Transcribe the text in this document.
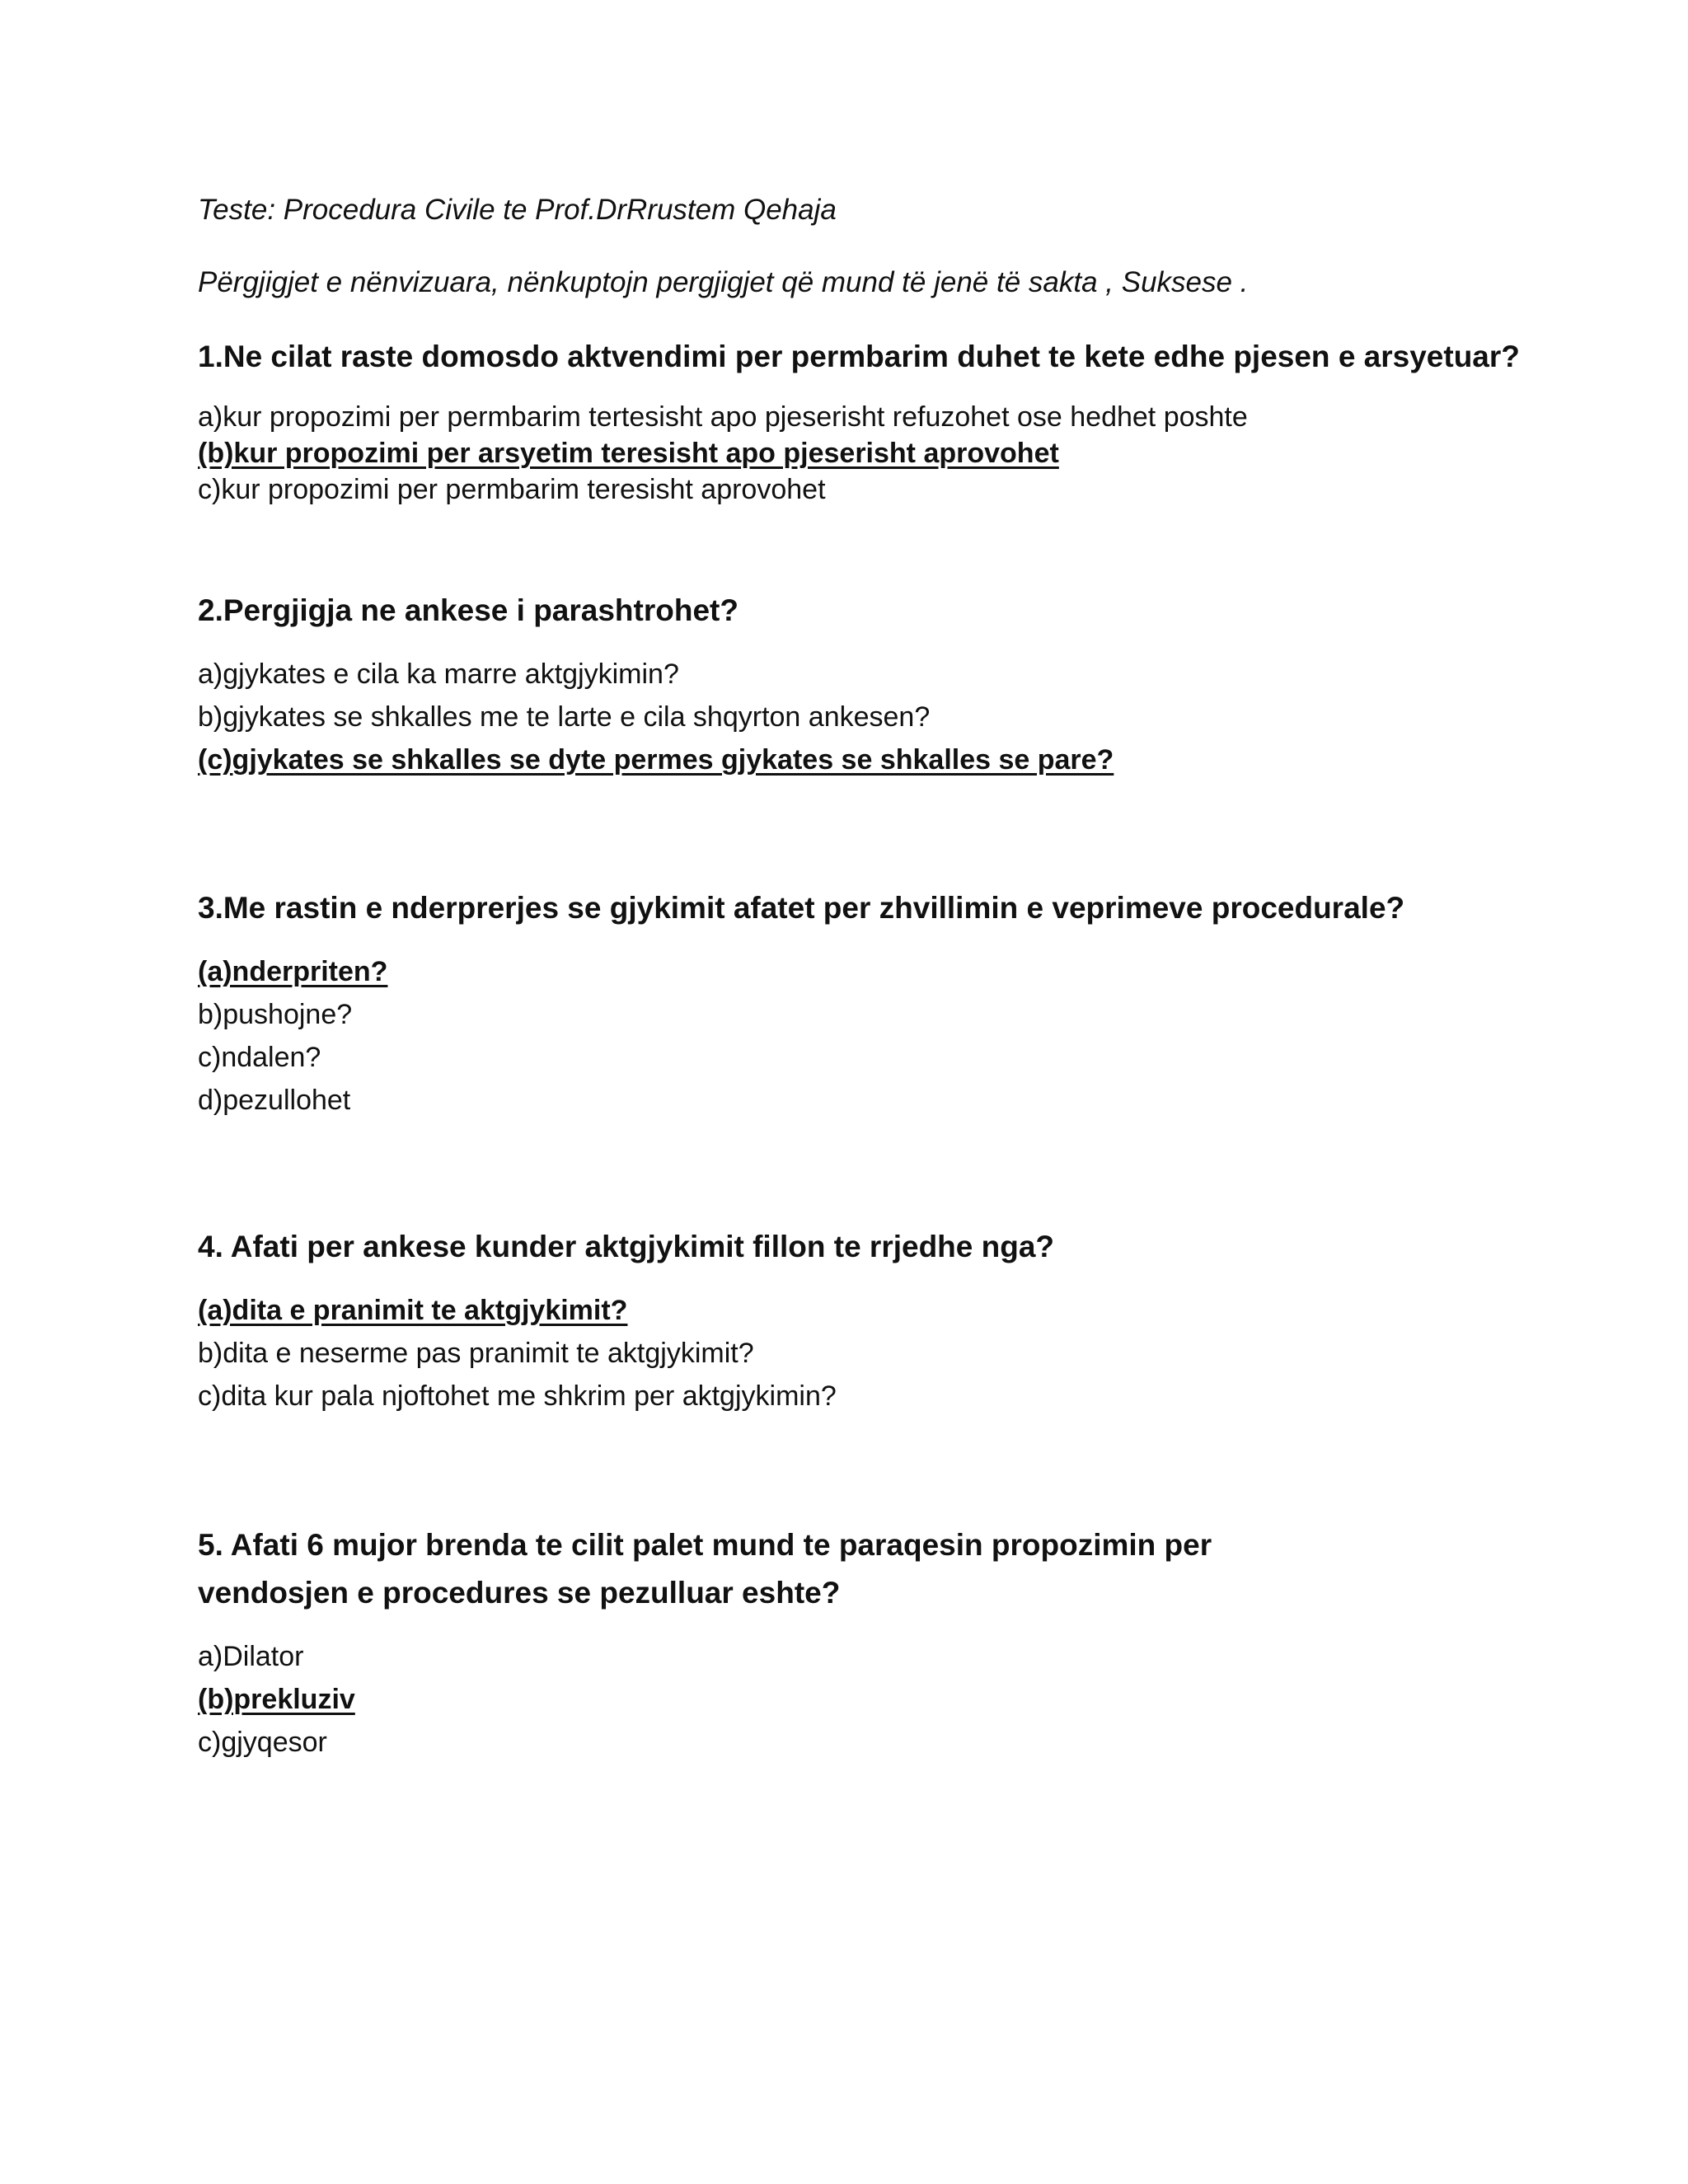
Teste: Procedura Civile te Prof.DrRrustem Qehaja
Përgjigjet e nënvizuara, nënkuptojn pergjigjet që mund të jenë të sakta , Suksese .

1.Ne cilat raste domosdo aktvendimi per permbarim duhet te kete edhe pjesen e arsyetuar?

a)kur propozimi per permbarim tertesisht apo pjeserisht refuzohet ose hedhet poshte
(b)kur propozimi per arsyetim teresisht apo pjeserisht aprovohet
c)kur propozimi per permbarim teresisht aprovohet

2.Pergjigja ne ankese i parashtrohet?

a)gjykates e cila ka marre aktgjykimin?
b)gjykates se shkalles me te larte e cila shqyrton ankesen?
(c)gjykates se shkalles se dyte permes gjykates se shkalles se pare?

3.Me rastin e nderprerjes se gjykimit afatet per zhvillimin e veprimeve procedurale?

(a)nderpriten?
b)pushojne?
c)ndalen?
d)pezullohet

4. Afati per ankese kunder aktgjykimit fillon te rrjedhe nga?

(a)dita e pranimit te aktgjykimit?
b)dita e neserme pas pranimit te aktgjykimit?
c)dita kur pala njoftohet me shkrim per aktgjykimin?

5. Afati 6 mujor brenda te cilit palet mund te paraqesin propozimin per vendosjen e procedures se pezulluar eshte?

a)Dilator
(b)prekluziv
c)gjyqesor
